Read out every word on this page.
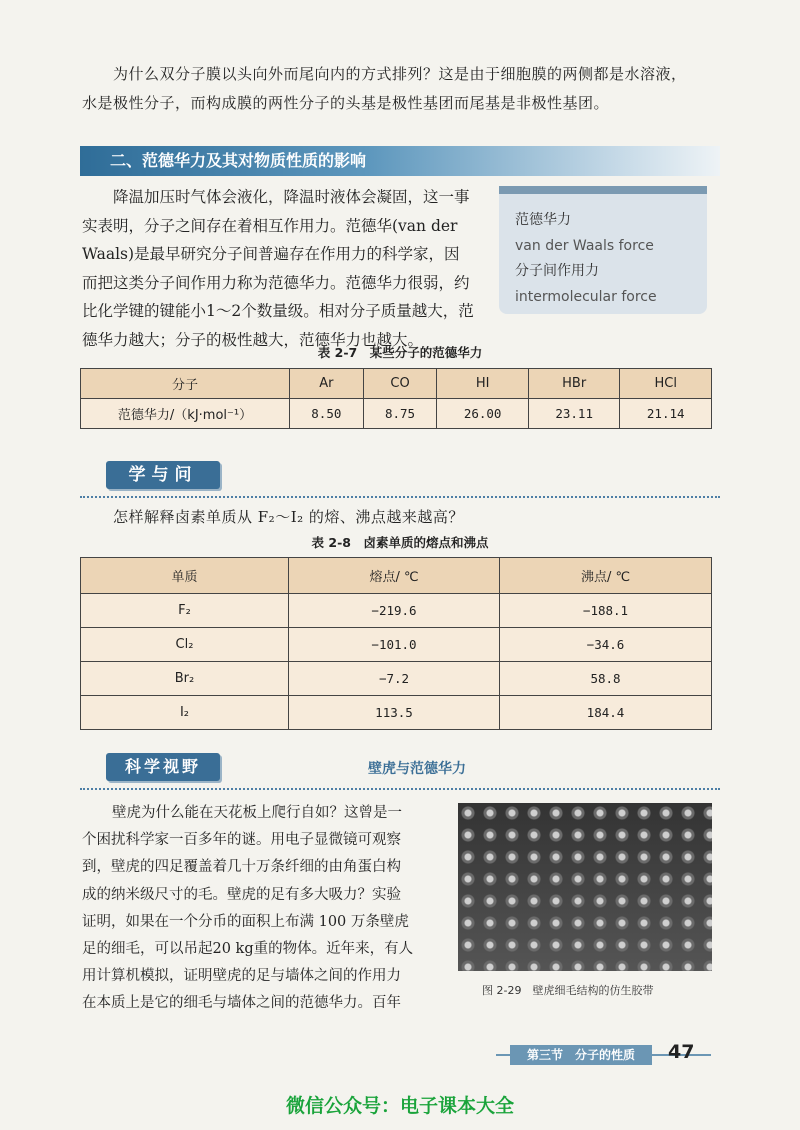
为什么双分子膜以头向外而尾向内的方式排列？这是由于细胞膜的两侧都是水溶液，
水是极性分子，而构成膜的两性分子的头基是极性基团而尾基是非极性基团。
二、范德华力及其对物质性质的影响
降温加压时气体会液化，降温时液体会凝固，这一事
实表明，分子之间存在着相互作用力。范德华(van der
Waals)是最早研究分子间普遍存在作用力的科学家，因
而把这类分子间作用力称为范德华力。范德华力很弱，约
比化学键的键能小1～2个数量级。相对分子质量越大，范
德华力越大；分子的极性越大，范德华力也越大。
范德华力
van der Waals force
分子间作用力
intermolecular force
表 2-7　某些分子的范德华力
分子	Ar	CO	HI	HBr	HCl
范德华力/（kJ·mol⁻¹）	8.50	8.75	26.00	23.11	21.14
学与问
怎样解释卤素单质从 F₂～I₂ 的熔、沸点越来越高？
表 2-8　卤素单质的熔点和沸点
单质	熔点/ ℃	沸点/ ℃
F₂	−219.6	−188.1
Cl₂	−101.0	−34.6
Br₂	−7.2	58.8
I₂	113.5	184.4
科学视野	壁虎与范德华力
壁虎为什么能在天花板上爬行自如？这曾是一
个困扰科学家一百多年的谜。用电子显微镜可观察
到，壁虎的四足覆盖着几十万条纤细的由角蛋白构
成的纳米级尺寸的毛。壁虎的足有多大吸力？实验
证明，如果在一个分币的面积上布满 100 万条壁虎
足的细毛，可以吊起20 kg重的物体。近年来，有人
用计算机模拟，证明壁虎的足与墙体之间的作用力
在本质上是它的细毛与墙体之间的范德华力。百年
图 2-29　壁虎细毛结构的仿生胶带
第三节　分子的性质	47
微信公众号：电子课本大全
